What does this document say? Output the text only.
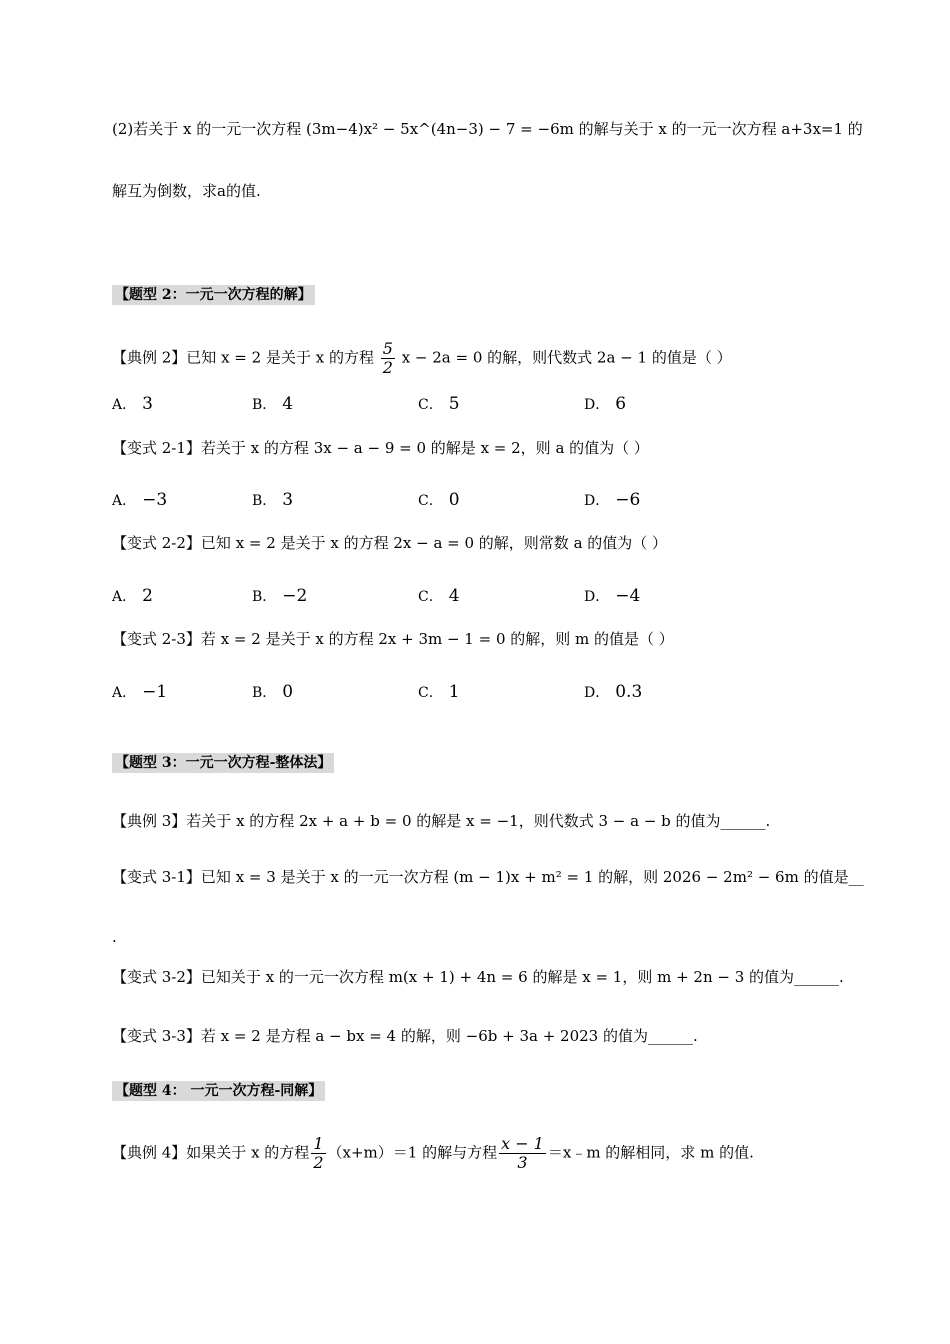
(2)若关于 x 的一元一次方程 (3m−4)x² − 5x^(4n−3) − 7 = −6m 的解与关于 x 的一元一次方程 a+3x=1 的
解互为倒数，求a的值.
【题型 2：一元一次方程的解】
【典例 2】已知 x = 2 是关于 x 的方程 $\frac{5}{2}$ x − 2a = 0 的解，则代数式 2a − 1 的值是（ ）
A． 3	B． 4	C． 5	D． 6
【变式 2-1】若关于 x 的方程 3x − a − 9 = 0 的解是 x = 2，则 a 的值为（ ）
A． −3	B． 3	C． 0	D． −6
【变式 2-2】已知 x = 2 是关于 x 的方程 2x − a = 0 的解，则常数 a 的值为（ ）
A． 2	B． −2	C． 4	D． −4
【变式 2-3】若 x = 2 是关于 x 的方程 2x + 3m − 1 = 0 的解，则 m 的值是（ ）
A． −1	B． 0	C． 1	D． 0.3
【题型 3：一元一次方程-整体法】
【典例 3】若关于 x 的方程 2x + a + b = 0 的解是 x = −1，则代数式 3 − a − b 的值为______.
【变式 3-1】已知 x = 3 是关于 x 的一元一次方程 (m − 1)x + m² = 1 的解，则 2026 − 2m² − 6m 的值是__
.
【变式 3-2】已知关于 x 的一元一次方程 m(x + 1) + 4n = 6 的解是 x = 1，则 m + 2n − 3 的值为______.
【变式 3-3】若 x = 2 是方程 a − bx = 4 的解，则 −6b + 3a + 2023 的值为______.
【题型 4： 一元一次方程-同解】
【典例 4】如果关于 x 的方程 $\frac{1}{2} (x+m)=1$ 的解与方程 $\frac{x - 1}{3}$ ＝x﹣m 的解相同，求 m 的值.
